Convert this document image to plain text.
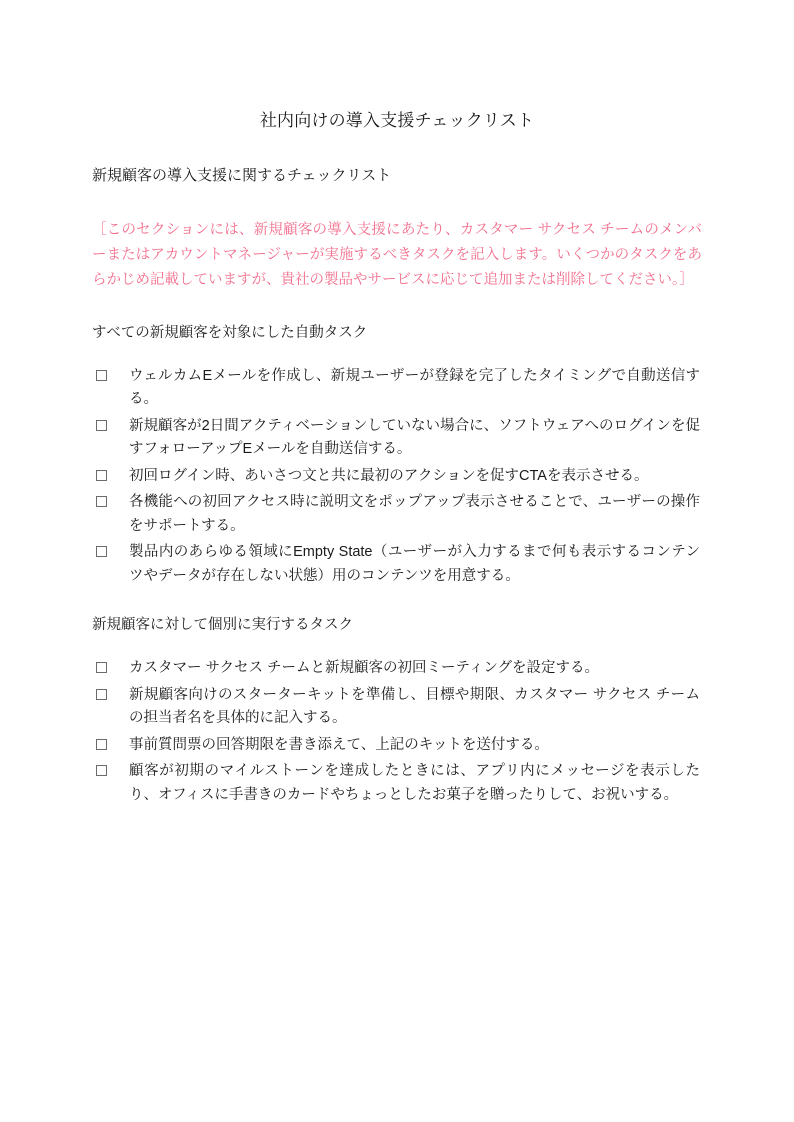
社内向けの導入支援チェックリスト
新規顧客の導入支援に関するチェックリスト

［このセクションには、新規顧客の導入支援にあたり、カスタマー サクセス チームのメンバーまたはアカウントマネージャーが実施するべきタスクを記入します。いくつかのタスクをあらかじめ記載していますが、貴社の製品やサービスに応じて追加または削除してください。］

すべての新規顧客を対象にした自動タスク
ウェルカムEメールを作成し、新規ユーザーが登録を完了したタイミングで自動送信する。
新規顧客が2日間アクティベーションしていない場合に、ソフトウェアへのログインを促すフォローアップEメールを自動送信する。
初回ログイン時、あいさつ文と共に最初のアクションを促すCTAを表示させる。
各機能への初回アクセス時に説明文をポップアップ表示させることで、ユーザーの操作をサポートする。
製品内のあらゆる領域にEmpty State（ユーザーが入力するまで何も表示するコンテンツやデータが存在しない状態）用のコンテンツを用意する。
新規顧客に対して個別に実行するタスク
カスタマー サクセス チームと新規顧客の初回ミーティングを設定する。
新規顧客向けのスターターキットを準備し、目標や期限、カスタマー サクセス チームの担当者名を具体的に記入する。
事前質問票の回答期限を書き添えて、上記のキットを送付する。
顧客が初期のマイルストーンを達成したときには、アプリ内にメッセージを表示したり、オフィスに手書きのカードやちょっとしたお菓子を贈ったりして、お祝いする。
